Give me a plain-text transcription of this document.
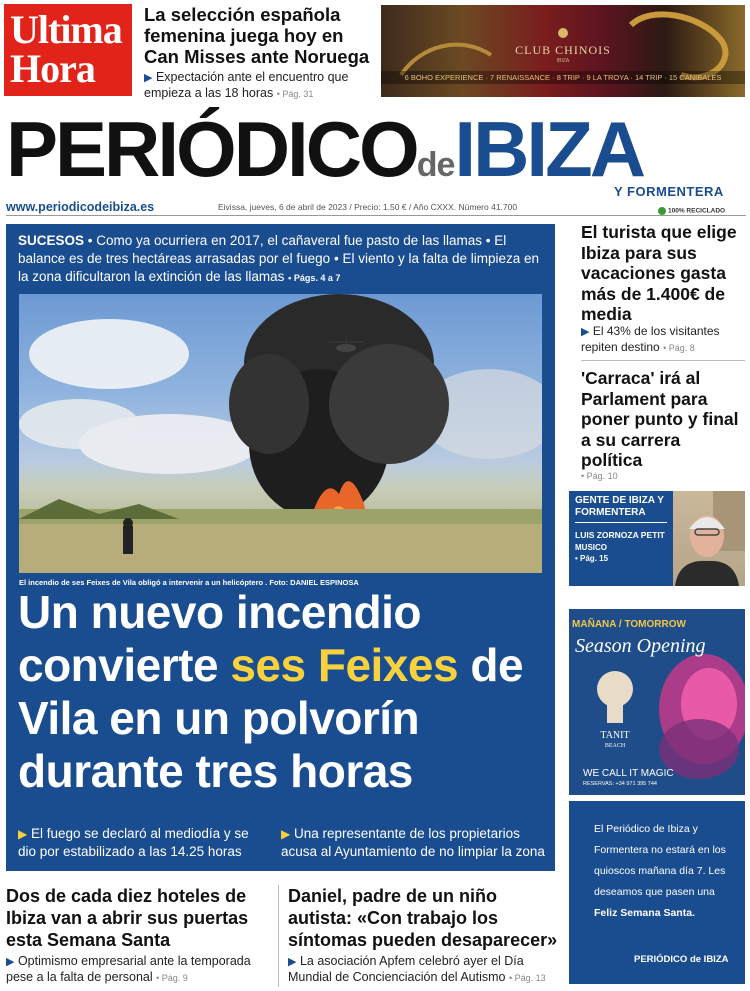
Ultima
Hora
La selección española femenina juega hoy en Can Misses ante Noruega
▶ Expectación ante el encuentro que empieza a las 18 horas • Pág. 31
CLUB CHINOIS
IBIZA
6 BOHO EXPERIENCE · 7 RENAISSANCE · 8 TRIP · 9 LA TROYA · 14 TRIP · 15 CANIBALES
PERIÓDICOdeIBIZA
Y FORMENTERA
www.periodicodeibiza.es	Eivissa, jueves, 6 de abril de 2023 / Precio: 1.50 € / Año CXXX. Número 41.700	100% RECICLADO
SUCESOS • Como ya ocurriera en 2017, el cañaveral fue pasto de las llamas • El balance es de tres hectáreas arrasadas por el fuego • El viento y la falta de limpieza en la zona dificultaron la extinción de las llamas • Págs. 4 a 7
El incendio de ses Feixes de Vila obligó a intervenir a un helicóptero . Foto: DANIEL ESPINOSA
Un nuevo incendio convierte ses Feixes de Vila en un polvorín durante tres horas
▶ El fuego se declaró al mediodía y se dio por estabilizado a las 14.25 horas
▶ Una representante de los propietarios acusa al Ayuntamiento de no limpiar la zona
Dos de cada diez hoteles de Ibiza van a abrir sus puertas esta Semana Santa
▶ Optimismo empresarial ante la temporada pese a la falta de personal • Pág. 9
Daniel, padre de un niño autista: «Con trabajo los síntomas pueden desaparecer»
▶ La asociación Apfem celebró ayer el Día Mundial de Concienciación del Autismo • Pág. 13
El turista que elige Ibiza para sus vacaciones gasta más de 1.400€ de media
▶ El 43% de los visitantes repiten destino • Pág. 8
'Carraca' irá al Parlament para poner punto y final a su carrera política
• Pág. 10
GENTE DE IBIZA Y FORMENTERA
LUIS ZORNOZA PETIT
MUSICO
• Pág. 15
MAÑANA / TOMORROW
Season Opening
TANIT
BEACH
WE CALL IT MAGIC
RESERVAS: +34 971 395 744
El Periódico de Ibiza y Formentera no estará en los quioscos mañana día 7. Les deseamos que pasen una Feliz Semana Santa.
PERIÓDICO de IBIZA
